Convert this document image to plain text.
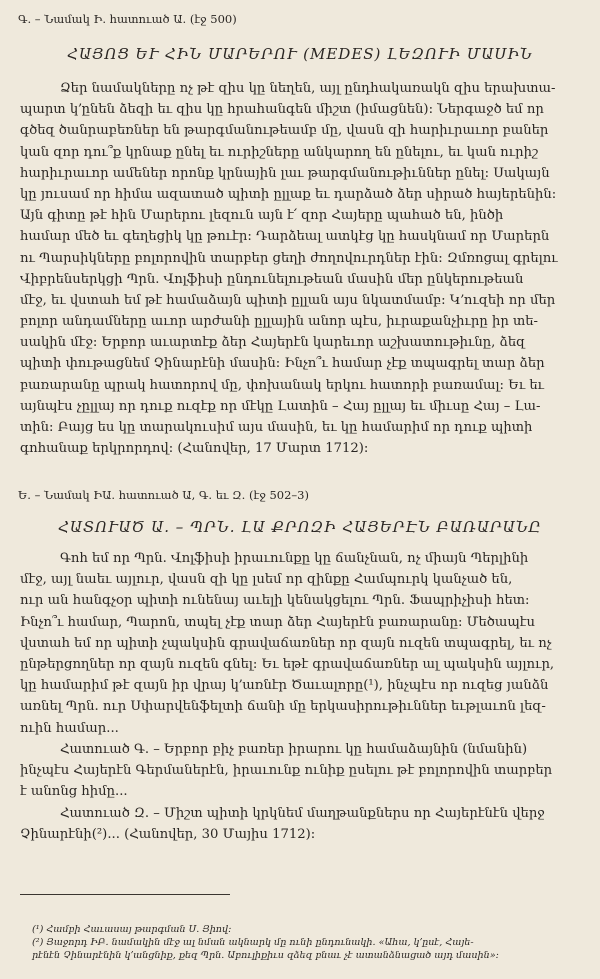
Գ. – Նամակ Ի. հատուած Ա. (էջ 500)
ՀԱՅՈՑ ԵՒ ՀԻՆ ՄԱՐԵՐՈՒ (MEDES) ԼԵԶՈՒԻ ՄԱՍԻՆ
Ձեր նամակները ոչ թէ զիս կը նեղեն, այլ ընդհակառակն զիս երախտա-
պարտ կ՚ընեն ձեզի եւ զիս կը հրահանգեն միշտ (իմացնեն)։ Ներգաջծ եմ որ
գծեզ ծանրաբեռներ են թարգմանութեամբ մը, վասն զի հարիւրաւոր բաներ
կան զոր դու՞ք կրնաք ընել եւ ուրիշները անկարող են ընելու, եւ կան ուրիշ
հարիւրաւոր ամեներ որոնք կրնային լաւ թարգմանութիւններ ընել։ Սակայն
կը յուսամ որ հիմա ազատած պիտի ըլլաք եւ դարձած ձեր սիրած հայերենին։
Այն գիտը թէ հին Մարերու լեզուն այն է՛ զոր Հայերը պահած են, ինծի
համար մեծ եւ գեղեցիկ կը թուէր։ Դարձեալ ատկէց կը հասկնամ որ Մարերն
ու Պարսիկները բոլորովին տարբեր ցեղի ժողովուրդներ էին։ Զմռոցալ գրելու
Վիբրենսերկցի Պրն. Վոլֆիսի ընդունելութեան մասին մեր ընկերութեան
մէջ, եւ վստահ եմ թէ համաձայն պիտի ըլլան այս նկատմամբ։ Կ՚ուզեի որ մեր
բոլոր անդամները աւոր արժանի ըլլային անոր պէս, իւրաքանչիւրը իր տե-
սակին մէջ։ Երբոր աւարտէք ձեր Հայերէն կարեւոր աշխատութիւնը, ձեզ
պիտի փութացնեմ Չինարէնի մասին։ Ինչո՞ւ համար չէք տպագրել տար ձեր
բառարանը պրակ հատորով մը, փոխանակ երկու հատորի բառամալ։ Եւ եւ
այնպէս չըլլայ որ դուք ուզէք որ մէկը Լատին – Հայ ըլլայ եւ միւսը Հայ – Լա-
տին։ Բայց ես կը տարակուսիմ այս մասին, եւ կը համարիմ որ դուք պիտի
գոհանաք երկրորդով։ (Հանովեր, 17 Մարտ 1712)։
Ե. – Նամակ ԻԱ. հատուած Ա, Գ. եւ Զ. (էջ 502–3)
ՀԱՏՈՒԱԾ Ա. – ՊՐՆ. ԼԱ ՔՐՈԶԻ ՀԱՅԵՐԷՆ ԲԱՌԱՐԱՆԸ
Գոհ եմ որ Պրն. Վոլֆիսի իրաւունքը կը ճանչնան, ոչ միայն Պերլինի
մէջ, այլ նաեւ այլուր, վասն զի կը լսեմ որ զինքը Համպուրկ կանչած են,
ուր ան հանգչօր պիտի ունենայ աւելի կենակցելու Պրն. Ֆապրիչիսի հետ։
Ինչո՞ւ համար, Պարոն, տպել չէք տար ձեր Հայերէն բառարանը։ Մեծապէս
վստահ եմ որ պիտի չպակսին գրավաճառներ որ զայն ուզեն տպագրել, եւ ոչ
ընթերցողներ որ զայն ուզեն գնել։ Եւ եթէ գրավաճառներ ալ պակսին այլուր,
կը համարիմ թէ զայն իր վրայ կ՚առնէր Ծաւալորը(¹), ինչպէս որ ուզեց յանձն
առնել Պրն. ուր Սփարվենֆելտի ճանի մը երկասիրութիւններ եւթլաւոն լեզ-
ուին համար...
Հատուած Գ. – Երբոր բիչ բառեր իրարու կը համաձայնին (նմանին)
ինչպէս Հայերէն Գերմաներէն, իրաւունք ունիք ըսելու թէ բոլորովին տարբեր
է անոնց հիմը...
Հատուած Զ. – Միշտ պիտի կրկնեմ մաղթանքներս որ Հայերէնէն վերջ
Չինարէնի(²)... (Հանովեր, 30 Մայիս 1712)։
(¹) Համբի Հաւասայ թարգման Ս. Յիով։
(²) Յաջորդ ԻԲ. նամակին մէջ ալ նման ակնարկ մը ունի ընդունակի. «Ահա, կ՚ըսէ, Հայե-
րէնէն Չինարէնին կ՚անցնիք, քեզ Պրն. Աբուլիքիւս զձեզ բնաւ չէ ատանձնացած այդ մասին»:
